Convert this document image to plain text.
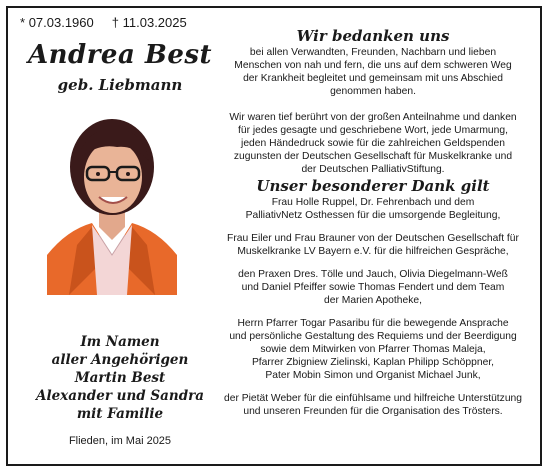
* 07.03.1960 † 11.03.2025
Andrea Best
geb. Liebmann
Im Namen
aller Angehörigen
Martin Best
Alexander und Sandra
mit Familie
Flieden, im Mai 2025
Wir bedanken uns

bei allen Verwandten, Freunden, Nachbarn und lieben
Menschen von nah und fern, die uns auf dem schweren Weg
der Krankheit begleitet und gemeinsam mit uns Abschied
genommen haben.

Wir waren tief berührt von der großen Anteilnahme und danken
für jedes gesagte und geschriebene Wort, jede Umarmung,
jeden Händedruck sowie für die zahlreichen Geldspenden
zugunsten der Deutschen Gesellschaft für Muskelkranke und
der Deutschen PalliativStiftung.

Unser besonderer Dank gilt

Frau Holle Ruppel, Dr. Fehrenbach und dem
PalliativNetz Osthessen für die umsorgende Begleitung,

Frau Eiler und Frau Brauner von der Deutschen Gesellschaft für
Muskelkranke LV Bayern e.V. für die hilfreichen Gespräche,

den Praxen Dres. Tölle und Jauch, Olivia Diegelmann-Weß
und Daniel Pfeiffer sowie Thomas Fendert und dem Team
der Marien Apotheke,

Herrn Pfarrer Togar Pasaribu für die bewegende Ansprache
und persönliche Gestaltung des Requiems und der Beerdigung
sowie dem Mitwirken von Pfarrer Thomas Maleja,
Pfarrer Zbigniew Zielinski, Kaplan Philipp Schöppner,
Pater Mobin Simon und Organist Michael Junk,

der Pietät Weber für die einfühlsame und hilfreiche Unterstützung
und unseren Freunden für die Organisation des Trösters.
